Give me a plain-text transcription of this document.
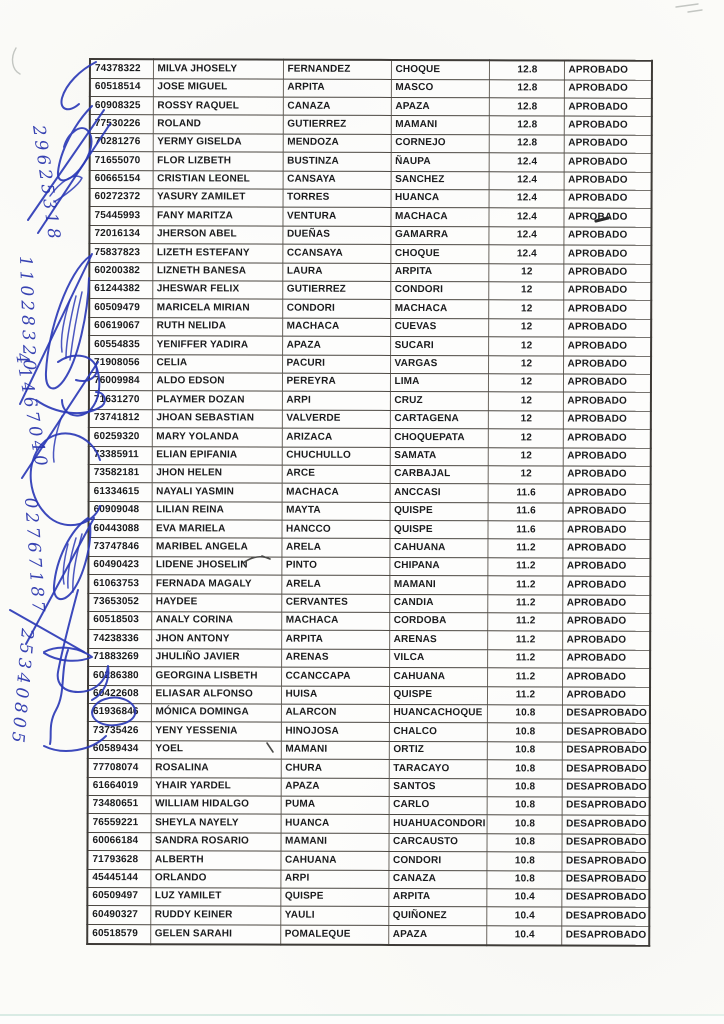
74378322	MILVA JHOSELY	FERNANDEZ	CHOQUE	12.8	APROBADO
60518514	JOSE MIGUEL	ARPITA	MASCO	12.8	APROBADO
60908325	ROSSY RAQUEL	CANAZA	APAZA	12.8	APROBADO
77530226	ROLAND	GUTIERREZ	MAMANI	12.8	APROBADO
70281276	YERMY GISELDA	MENDOZA	CORNEJO	12.8	APROBADO
71655070	FLOR LIZBETH	BUSTINZA	ÑAUPA	12.4	APROBADO
60665154	CRISTIAN LEONEL	CANSAYA	SANCHEZ	12.4	APROBADO
60272372	YASURY ZAMILET	TORRES	HUANCA	12.4	APROBADO
75445993	FANY MARITZA	VENTURA	MACHACA	12.4	APROBADO
72016134	JHERSON ABEL	DUEÑAS	GAMARRA	12.4	APROBADO
75837823	LIZETH ESTEFANY	CCANSAYA	CHOQUE	12.4	APROBADO
60200382	LIZNETH BANESA	LAURA	ARPITA	12	APROBADO
61244382	JHESWAR FELIX	GUTIERREZ	CONDORI	12	APROBADO
60509479	MARICELA MIRIAN	CONDORI	MACHACA	12	APROBADO
60619067	RUTH NELIDA	MACHACA	CUEVAS	12	APROBADO
60554835	YENIFFER YADIRA	APAZA	SUCARI	12	APROBADO
71908056	CELIA	PACURI	VARGAS	12	APROBADO
76009984	ALDO EDSON	PEREYRA	LIMA	12	APROBADO
71631270	PLAYMER DOZAN	ARPI	CRUZ	12	APROBADO
73741812	JHOAN SEBASTIAN	VALVERDE	CARTAGENA	12	APROBADO
60259320	MARY YOLANDA	ARIZACA	CHOQUEPATA	12	APROBADO
73385911	ELIAN EPIFANIA	CHUCHULLO	SAMATA	12	APROBADO
73582181	JHON HELEN	ARCE	CARBAJAL	12	APROBADO
61334615	NAYALI YASMIN	MACHACA	ANCCASI	11.6	APROBADO
60909048	LILIAN REINA	MAYTA	QUISPE	11.6	APROBADO
60443088	EVA MARIELA	HANCCO	QUISPE	11.6	APROBADO
73747846	MARIBEL ANGELA	ARELA	CAHUANA	11.2	APROBADO
60490423	LIDENE JHOSELIN	PINTO	CHIPANA	11.2	APROBADO
61063753	FERNADA MAGALY	ARELA	MAMANI	11.2	APROBADO
73653052	HAYDEE	CERVANTES	CANDIA	11.2	APROBADO
60518503	ANALY CORINA	MACHACA	CORDOBA	11.2	APROBADO
74238336	JHON ANTONY	ARPITA	ARENAS	11.2	APROBADO
71883269	JHULIÑO JAVIER	ARENAS	VILCA	11.2	APROBADO
60286380	GEORGINA LISBETH	CCANCCAPA	CAHUANA	11.2	APROBADO
60422608	ELIASAR ALFONSO	HUISA	QUISPE	11.2	APROBADO
61936846	MÓNICA DOMINGA	ALARCON	HUANCACHOQUE	10.8	DESAPROBADO
73735426	YENY YESSENIA	HINOJOSA	CHALCO	10.8	DESAPROBADO
60589434	YOEL	MAMANI	ORTIZ	10.8	DESAPROBADO
77708074	ROSALINA	CHURA	TARACAYO	10.8	DESAPROBADO
61664019	YHAIR YARDEL	APAZA	SANTOS	10.8	DESAPROBADO
73480651	WILLIAM HIDALGO	PUMA	CARLO	10.8	DESAPROBADO
76559221	SHEYLA NAYELY	HUANCA	HUAHUACONDORI	10.8	DESAPROBADO
60066184	SANDRA ROSARIO	MAMANI	CARCAUSTO	10.8	DESAPROBADO
71793628	ALBERTH	CAHUANA	CONDORI	10.8	DESAPROBADO
45445144	ORLANDO	ARPI	CANAZA	10.8	DESAPROBADO
60509497	LUZ YAMILET	QUISPE	ARPITA	10.4	DESAPROBADO
60490327	RUDDY KEINER	YAULI	QUIÑONEZ	10.4	DESAPROBADO
60518579	GELEN SARAHI	POMALEQUE	APAZA	10.4	DESAPROBADO
29625318
11028320
41467040
02767187
25340805
